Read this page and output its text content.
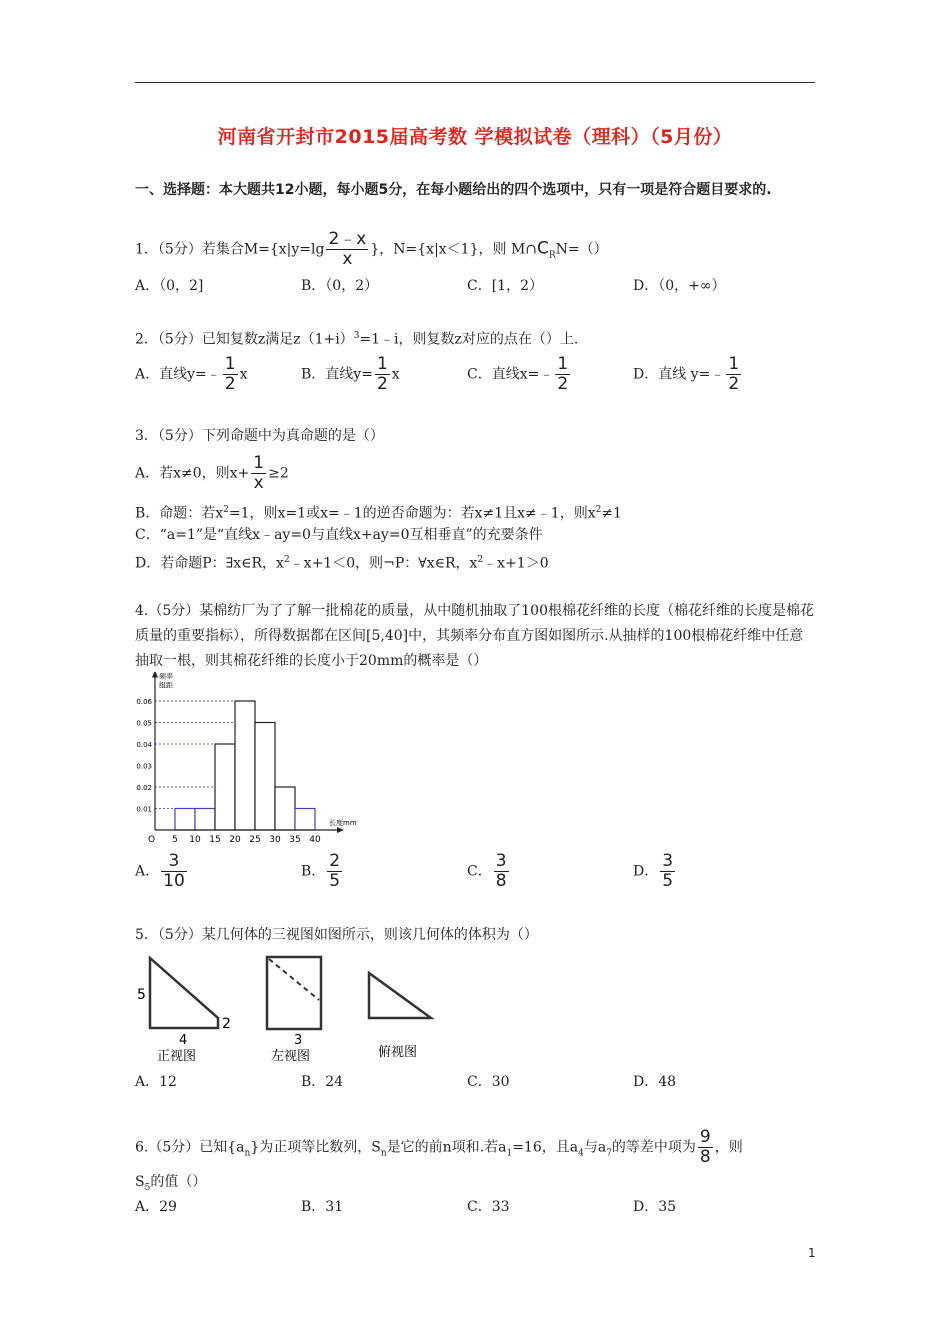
河南省开封市2015届高考数 学模拟试卷（理科）（5月份）
一、选择题：本大题共12小题，每小题5分，在每小题给出的四个选项中，只有一项是符合题目要求的.
1．（5分）若集合$M=\{x|y=\lg \frac{2﹣x}{x}$ }，N={x|x＜1}，则 $M\cap C_RN=()$
A．（0，2]	B．（0，2）	C．[1，2）	D．（0，+∞）
2．（5分）已知复数z满足$z(1+i)^3=1﹣i$，则复数z对应的点在（）上.
A．直线y=﹣ $\frac{1}{2}$ x	B．直线$y= \frac{1}{2}$ x	C．直线x=﹣ $\frac{1}{2}$	D．直线 y=﹣ $\frac{1}{2}$
3．（5分）下列命题中为真命题的是（）
A．若x≠0，则$x+ \frac{1}{x} \ge 2$
B．命题：若$x^2=1$，则x=1或x=﹣1的逆否命题为：若x≠1且x≠﹣1，则$x^2\ne 1$
C．“a=1”是“直线x﹣ay=0与直线x+ay=0互相垂直”的充要条件
D．若命题P：∃x∈R，$x^2﹣x+1<0$，则¬P：∀x∈R，$x^2﹣x+1>0$
4.（5分）某棉纺厂为了了解一批棉花的质量，从中随机抽取了100根棉花纤维的长度（棉花纤维的长度是棉花质量的重要指标），所得数据都在区间[5,40]中，其频率分布直方图如图所示.从抽样的100根棉花纤维中任意抽取一根，则其棉花纤维的长度小于20mm的概率是（）
0.01
0.02
0.03
0.04
0.05
0.06
5 10 15 20 25 30 35 40
O
频率
组距
长度mm
A． $\frac{3}{10}$	B． $\frac{2}{5}$	C． $\frac{3}{8}$	D． $\frac{3}{5}$
5．（5分）某几何体的三视图如图所示，则该几何体的体积为（）
5
2
4
正视图
3
左视图	俯视图
A．12	B．24	C．30	D．48
6.（5分）已知$\{a_n\}$为正项等比数列，$S_n$是它的前n项和.若$a_1=16$，且$a_4$与$a_7$的等差中项为 $\frac{9}{8}$ ，则
$S_5$的值（）
A．29	B．31	C．33	D．35
1
